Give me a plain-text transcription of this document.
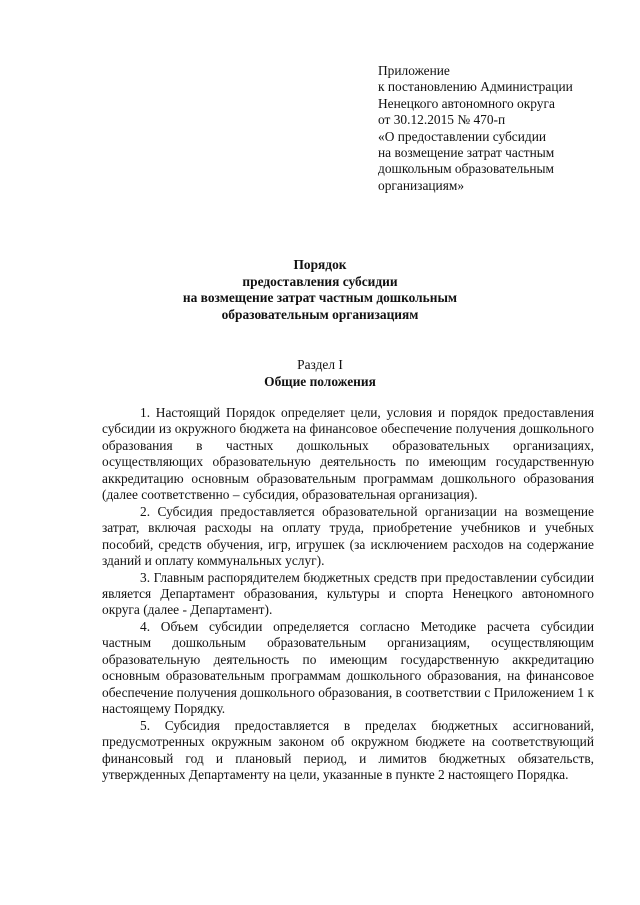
Приложение
к постановлению Администрации
Ненецкого автономного округа
от 30.12.2015 № 470-п
«О предоставлении субсидии
на возмещение затрат частным
дошкольным образовательным
организациям»
Порядок
предоставления субсидии
на возмещение затрат частным дошкольным
образовательным организациям
Раздел I
Общие положения

1. Настоящий Порядок определяет цели, условия и порядок предоставления субсидии из окружного бюджета на финансовое обеспечение получения дошкольного образования в частных дошкольных образовательных организациях, осуществляющих образовательную деятельность по имеющим государственную аккредитацию основным образовательным программам дошкольного образования (далее соответственно – субсидия, образовательная организация).

2. Субсидия предоставляется образовательной организации на возмещение затрат, включая расходы на оплату труда, приобретение учебников и учебных пособий, средств обучения, игр, игрушек (за исключением расходов на содержание зданий и оплату коммунальных услуг).

3. Главным распорядителем бюджетных средств при предоставлении субсидии является Департамент образования, культуры и спорта Ненецкого автономного округа (далее - Департамент).

4. Объем субсидии определяется согласно Методике расчета субсидии частным дошкольным образовательным организациям, осуществляющим образовательную деятельность по имеющим государственную аккредитацию основным образовательным программам дошкольного образования, на финансовое обеспечение получения дошкольного образования, в соответствии с Приложением 1 к настоящему Порядку.

5. Субсидия предоставляется в пределах бюджетных ассигнований, предусмотренных окружным законом об окружном бюджете на соответствующий финансовый год и плановый период, и лимитов бюджетных обязательств, утвержденных Департаменту на цели, указанные в пункте 2 настоящего Порядка.
